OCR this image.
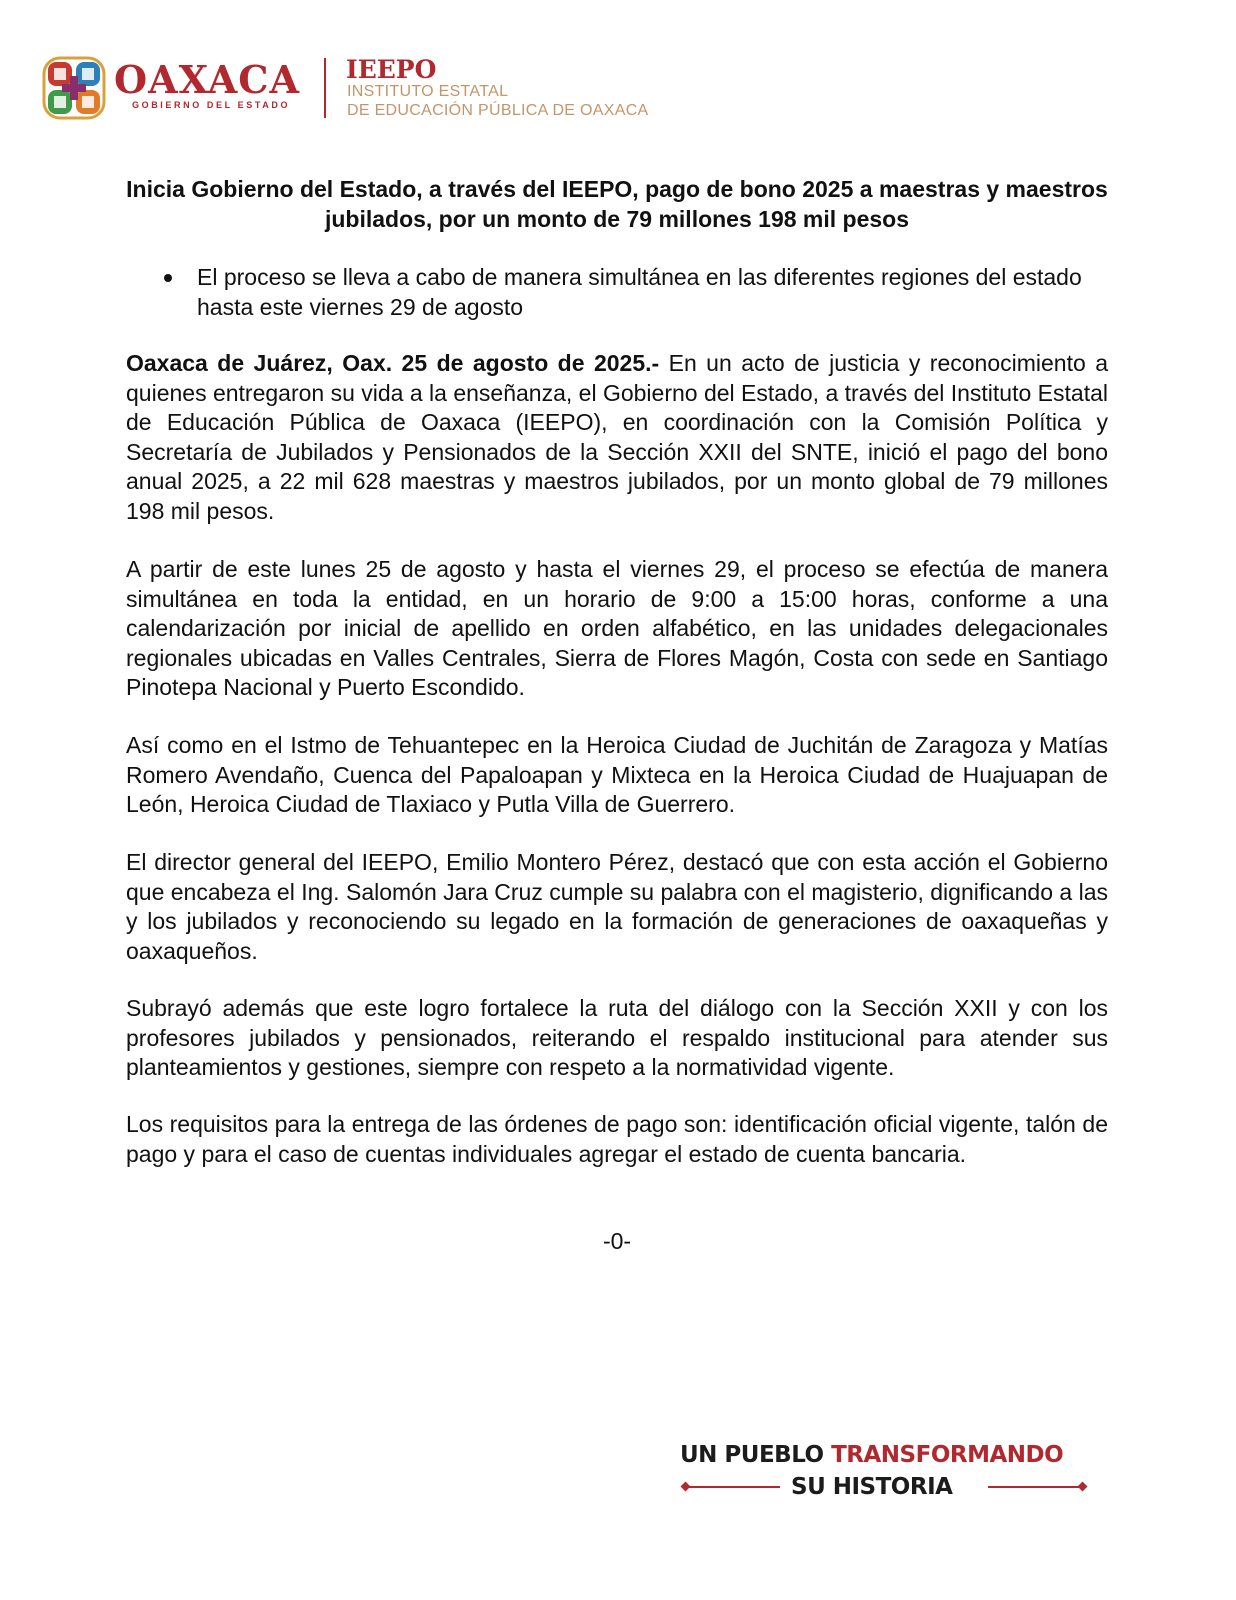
OAXACA
GOBIERNO DEL ESTADO
IEEPO
INSTITUTO ESTATAL
DE EDUCACIÓN PÚBLICA DE OAXACA
Inicia Gobierno del Estado, a través del IEEPO, pago de bono 2025 a maestras y maestros jubilados, por un monto de 79 millones 198 mil pesos
El proceso se lleva a cabo de manera simultánea en las diferentes regiones del estado hasta este viernes 29 de agosto
Oaxaca de Juárez, Oax. 25 de agosto de 2025.- En un acto de justicia y reconocimiento a quienes entregaron su vida a la enseñanza, el Gobierno del Estado, a través del Instituto Estatal de Educación Pública de Oaxaca (IEEPO), en coordinación con la Comisión Política y Secretaría de Jubilados y Pensionados de la Sección XXII del SNTE, inició el pago del bono anual 2025, a 22 mil 628 maestras y maestros jubilados, por un monto global de 79 millones 198 mil pesos.
A partir de este lunes 25 de agosto y hasta el viernes 29, el proceso se efectúa de manera simultánea en toda la entidad, en un horario de 9:00 a 15:00 horas, conforme a una calendarización por inicial de apellido en orden alfabético, en las unidades delegacionales regionales ubicadas en Valles Centrales, Sierra de Flores Magón, Costa con sede en Santiago Pinotepa Nacional y Puerto Escondido.
Así como en el Istmo de Tehuantepec en la Heroica Ciudad de Juchitán de Zaragoza y Matías Romero Avendaño, Cuenca del Papaloapan y Mixteca en la Heroica Ciudad de Huajuapan de León, Heroica Ciudad de Tlaxiaco y Putla Villa de Guerrero.
El director general del IEEPO, Emilio Montero Pérez, destacó que con esta acción el Gobierno que encabeza el Ing. Salomón Jara Cruz cumple su palabra con el magisterio, dignificando a las y los jubilados y reconociendo su legado en la formación de generaciones de oaxaqueñas y oaxaqueños.
Subrayó además que este logro fortalece la ruta del diálogo con la Sección XXII y con los profesores jubilados y pensionados, reiterando el respaldo institucional para atender sus planteamientos y gestiones, siempre con respeto a la normatividad vigente.
Los requisitos para la entrega de las órdenes de pago son: identificación oficial vigente, talón de pago y para el caso de cuentas individuales agregar el estado de cuenta bancaria.
-0-
UN PUEBLO TRANSFORMANDO
SU HISTORIA
